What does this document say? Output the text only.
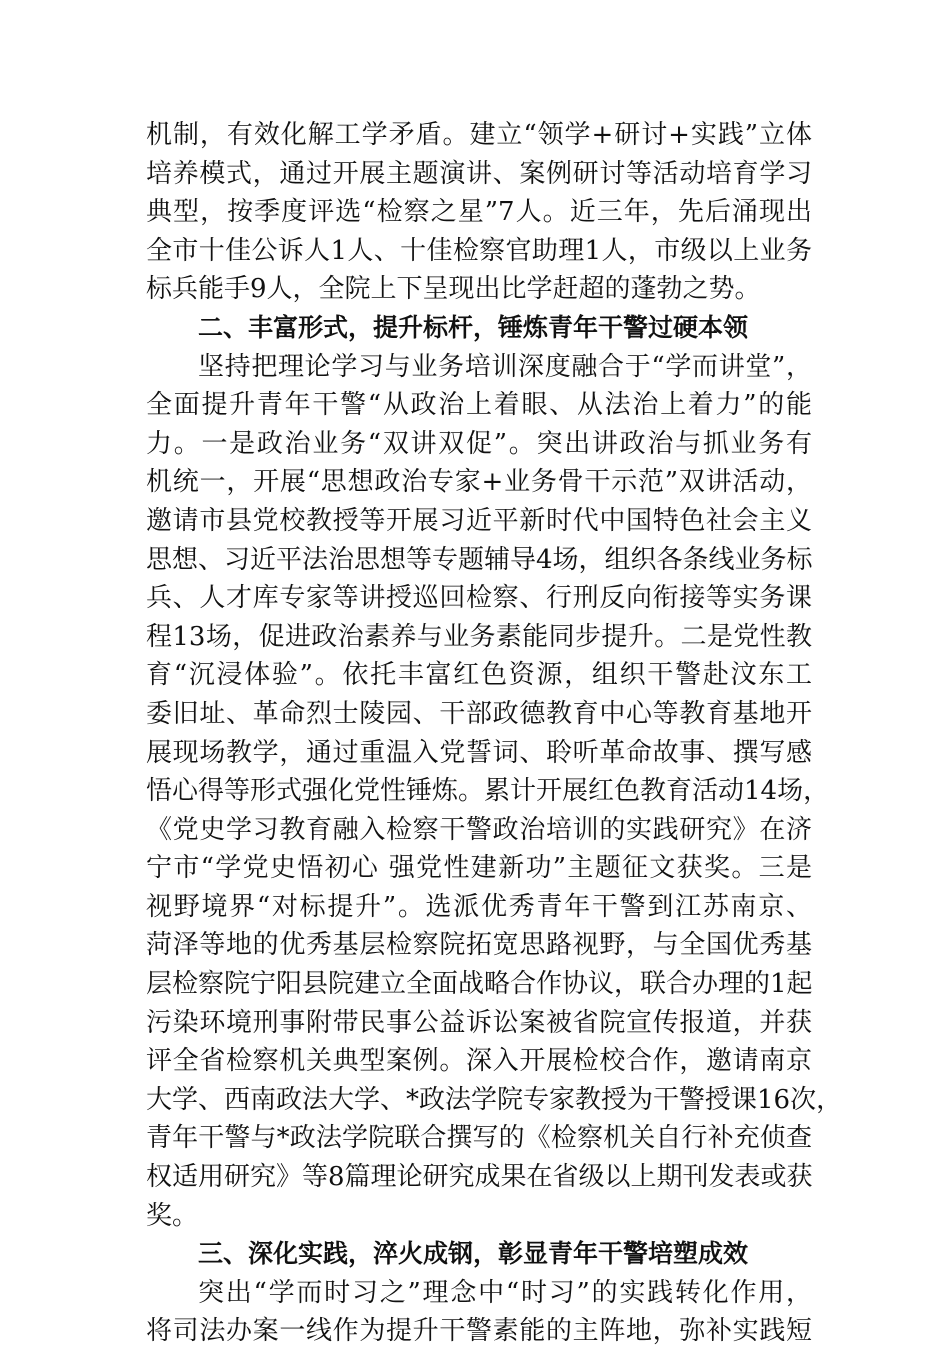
机制，有效化解工学矛盾。建立“领学+研讨+实践”立体
培养模式，通过开展主题演讲、案例研讨等活动培育学习
典型，按季度评选“检察之星”7人。近三年，先后涌现出
全市十佳公诉人1人、十佳检察官助理1人，市级以上业务
标兵能手9人，全院上下呈现出比学赶超的蓬勃之势。
二、丰富形式，提升标杆，锤炼青年干警过硬本领
坚持把理论学习与业务培训深度融合于“学而讲堂”，
全面提升青年干警“从政治上着眼、从法治上着力”的能
力。一是政治业务“双讲双促”。突出讲政治与抓业务有
机统一，开展“思想政治专家+业务骨干示范”双讲活动，
邀请市县党校教授等开展习近平新时代中国特色社会主义
思想、习近平法治思想等专题辅导4场，组织各条线业务标
兵、人才库专家等讲授巡回检察、行刑反向衔接等实务课
程13场，促进政治素养与业务素能同步提升。二是党性教
育“沉浸体验”。依托丰富红色资源，组织干警赴汶东工
委旧址、革命烈士陵园、干部政德教育中心等教育基地开
展现场教学，通过重温入党誓词、聆听革命故事、撰写感
悟心得等形式强化党性锤炼。累计开展红色教育活动14场，
《党史学习教育融入检察干警政治培训的实践研究》在济
宁市“学党史悟初心 强党性建新功”主题征文获奖。三是
视野境界“对标提升”。选派优秀青年干警到江苏南京、
菏泽等地的优秀基层检察院拓宽思路视野，与全国优秀基
层检察院宁阳县院建立全面战略合作协议，联合办理的1起
污染环境刑事附带民事公益诉讼案被省院宣传报道，并获
评全省检察机关典型案例。深入开展检校合作，邀请南京
大学、西南政法大学、*政法学院专家教授为干警授课16次，
青年干警与*政法学院联合撰写的《检察机关自行补充侦查
权适用研究》等8篇理论研究成果在省级以上期刊发表或获
奖。
三、深化实践，淬火成钢，彰显青年干警培塑成效
突出“学而时习之”理念中“时习”的实践转化作用，
将司法办案一线作为提升干警素能的主阵地，弥补实践短
